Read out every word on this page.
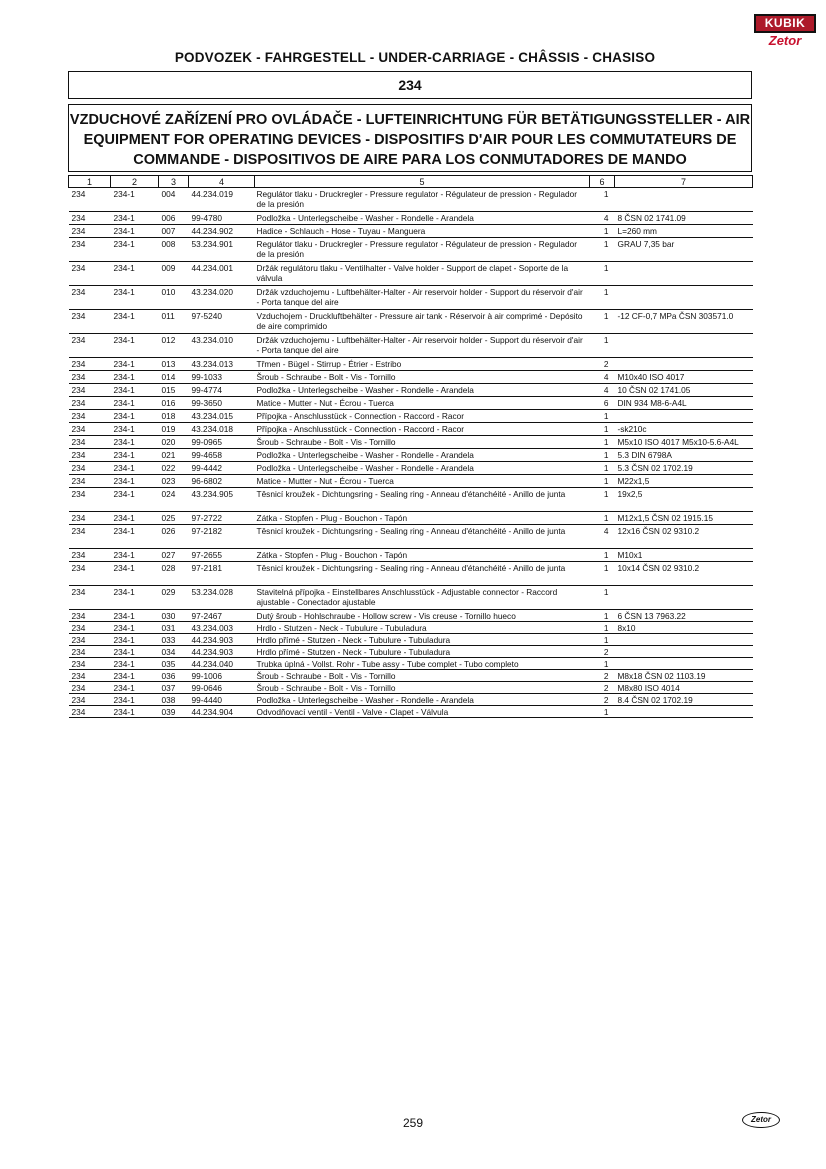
KUBIK
Zetor
PODVOZEK - FAHRGESTELL - UNDER-CARRIAGE - CHÂSSIS - CHASISO
234
VZDUCHOVÉ ZAŘÍZENÍ PRO OVLÁDAČE - LUFTEINRICHTUNG FÜR BETÄTIGUNGSSTELLER - AIR
EQUIPMENT FOR OPERATING DEVICES - DISPOSITIFS D'AIR POUR LES COMMUTATEURS DE
COMMANDE - DISPOSITIVOS DE AIRE PARA LOS CONMUTADORES DE MANDO
1	2	3	4	5	6	7
234	234-1	004	44.234.019	Regulátor tlaku - Druckregler - Pressure regulator - Régulateur de pression - Regulador de la presión	1	
234	234-1	006	99-4780	Podložka - Unterlegscheibe - Washer - Rondelle - Arandela	4	8 ČSN 02 1741.09
234	234-1	007	44.234.902	Hadice - Schlauch - Hose - Tuyau - Manguera	1	L=260 mm
234	234-1	008	53.234.901	Regulátor tlaku - Druckregler - Pressure regulator - Régulateur de pression - Regulador de la presión	1	GRAU 7,35 bar
234	234-1	009	44.234.001	Držák regulátoru tlaku - Ventilhalter - Valve holder - Support de clapet - Soporte de la válvula	1	
234	234-1	010	43.234.020	Držák vzduchojemu - Luftbehälter-Halter - Air reservoir holder - Support du réservoir d'air - Porta tanque del aire	1	
234	234-1	011	97-5240	Vzduchojem - Druckluftbehälter - Pressure air tank - Réservoir à air comprimé - Depósito de aire comprimido	1	-12 CF-0,7 MPa ČSN 303571.0
234	234-1	012	43.234.010	Držák vzduchojemu - Luftbehälter-Halter - Air reservoir holder - Support du réservoir d'air - Porta tanque del aire	1	
234	234-1	013	43.234.013	Třmen - Bügel - Stirrup - Étrier - Estribo	2	
234	234-1	014	99-1033	Šroub - Schraube - Bolt - Vis - Tornillo	4	M10x40 ISO 4017
234	234-1	015	99-4774	Podložka - Unterlegscheibe - Washer - Rondelle - Arandela	4	10 ČSN 02 1741.05
234	234-1	016	99-3650	Matice - Mutter - Nut - Écrou - Tuerca	6	DIN 934 M8-6-A4L
234	234-1	018	43.234.015	Přípojka - Anschlusstück - Connection - Raccord - Racor	1	
234	234-1	019	43.234.018	Přípojka - Anschlusstück - Connection - Raccord - Racor	1	-sk210c
234	234-1	020	99-0965	Šroub - Schraube - Bolt - Vis - Tornillo	1	M5x10 ISO 4017 M5x10-5.6-A4L
234	234-1	021	99-4658	Podložka - Unterlegscheibe - Washer - Rondelle - Arandela	1	5.3 DIN 6798A
234	234-1	022	99-4442	Podložka - Unterlegscheibe - Washer - Rondelle - Arandela	1	5.3 ČSN 02 1702.19
234	234-1	023	96-6802	Matice - Mutter - Nut - Écrou - Tuerca	1	M22x1,5
234	234-1	024	43.234.905	Těsnicí kroužek - Dichtungsring - Sealing ring - Anneau d'étanchéité - Anillo de junta	1	19x2,5
234	234-1	025	97-2722	Zátka - Stopfen - Plug - Bouchon - Tapón	1	M12x1,5 ČSN 02 1915.15
234	234-1	026	97-2182	Těsnicí kroužek - Dichtungsring - Sealing ring - Anneau d'étanchéité - Anillo de junta	4	12x16 ČSN 02 9310.2
234	234-1	027	97-2655	Zátka - Stopfen - Plug - Bouchon - Tapón	1	M10x1
234	234-1	028	97-2181	Těsnicí kroužek - Dichtungsring - Sealing ring - Anneau d'étanchéité - Anillo de junta	1	10x14 ČSN 02 9310.2
234	234-1	029	53.234.028	Stavitelná přípojka - Einstellbares Anschlusstück - Adjustable connector - Raccord ajustable - Conectador ajustable	1	
234	234-1	030	97-2467	Dutý šroub - Hohlschraube - Hollow screw - Vis creuse - Tornillo hueco	1	6 ČSN 13 7963.22
234	234-1	031	43.234.003	Hrdlo - Stutzen - Neck - Tubulure - Tubuladura	1	8x10
234	234-1	033	44.234.903	Hrdlo přímé - Stutzen - Neck - Tubulure - Tubuladura	1	
234	234-1	034	44.234.903	Hrdlo přímé - Stutzen - Neck - Tubulure - Tubuladura	2	
234	234-1	035	44.234.040	Trubka úplná - Vollst. Rohr - Tube assy - Tube complet - Tubo completo	1	
234	234-1	036	99-1006	Šroub - Schraube - Bolt - Vis - Tornillo	2	M8x18 ČSN 02 1103.19
234	234-1	037	99-0646	Šroub - Schraube - Bolt - Vis - Tornillo	2	M8x80 ISO 4014
234	234-1	038	99-4440	Podložka - Unterlegscheibe - Washer - Rondelle - Arandela	2	8.4 ČSN 02 1702.19
234	234-1	039	44.234.904	Odvodňovací ventil - Ventil - Valve - Clapet - Válvula	1	
259	Zetor
